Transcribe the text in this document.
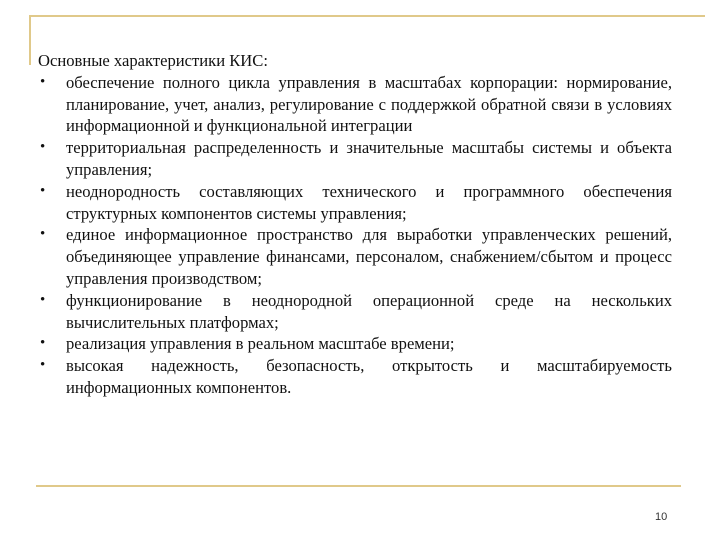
Основные характеристики КИС:

•	обеспечение полного цикла управления в масштабах корпорации: нормирование, планирование, учет, анализ, регулирование с поддержкой обратной связи в условиях информационной и функциональной интеграции
•	территориальная распределенность и значительные масштабы системы и объекта управления;
•	неоднородность составляющих технического и программного обеспечения структурных компонентов системы управления;
•	единое информационное пространство для выработки управленческих решений, объединяющее управление финансами, персоналом, снабжением/сбытом и процесс управления производством;
•	функционирование в неоднородной операционной среде на нескольких вычислительных платформах;
•	реализация управления в реальном масштабе времени;
•	высокая надежность, безопасность, открытость и масштабируемость информационных компонентов.
10
